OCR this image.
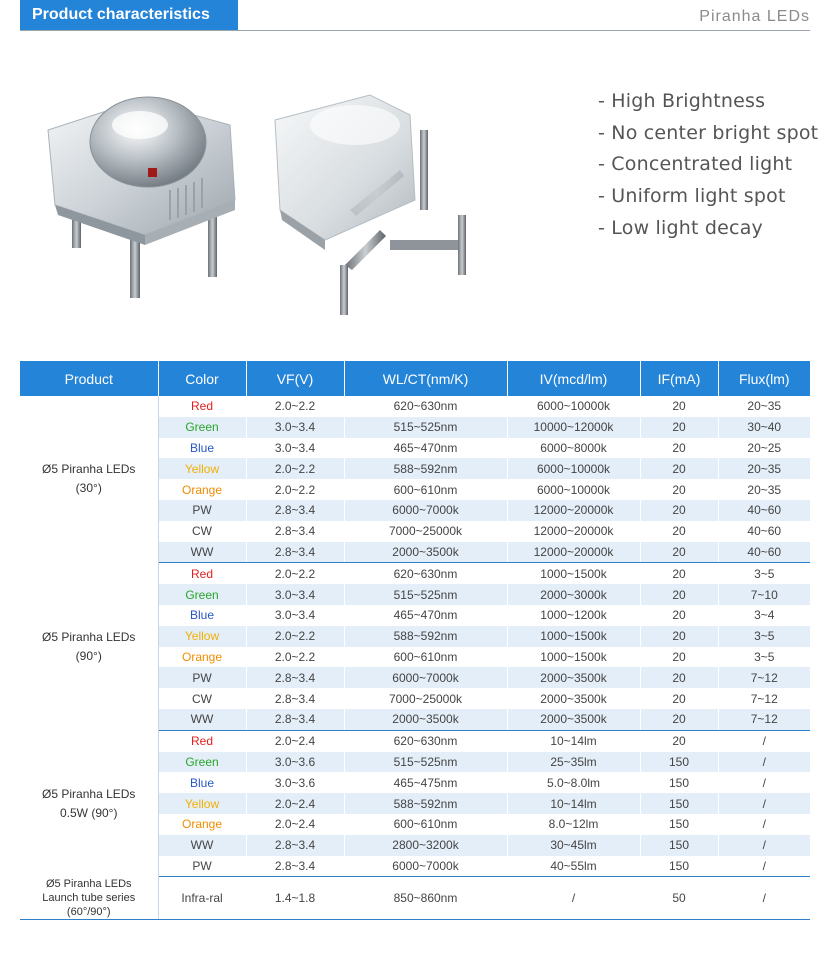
Product characteristics	Piranha LEDs
- High Brightness
- No center bright spot
- Concentrated light
- Uniform light spot
- Low light decay
Product	Color	VF(V)	WL/CT(nm/K)	IV(mcd/lm)	IF(mA)	Flux(lm)

Ø5 Piranha LEDs
(30°)	Red	2.0~2.2	620~630nm	6000~10000k	20	20~35
	Green	3.0~3.4	515~525nm	10000~12000k	20	30~40
	Blue	3.0~3.4	465~470nm	6000~8000k	20	20~25
	Yellow	2.0~2.2	588~592nm	6000~10000k	20	20~35
	Orange	2.0~2.2	600~610nm	6000~10000k	20	20~35
	PW	2.8~3.4	6000~7000k	12000~20000k	20	40~60
	CW	2.8~3.4	7000~25000k	12000~20000k	20	40~60
	WW	2.8~3.4	2000~3500k	12000~20000k	20	40~60

Ø5 Piranha LEDs
(90°)	Red	2.0~2.2	620~630nm	1000~1500k	20	3~5
	Green	3.0~3.4	515~525nm	2000~3000k	20	7~10
	Blue	3.0~3.4	465~470nm	1000~1200k	20	3~4
	Yellow	2.0~2.2	588~592nm	1000~1500k	20	3~5
	Orange	2.0~2.2	600~610nm	1000~1500k	20	3~5
	PW	2.8~3.4	6000~7000k	2000~3500k	20	7~12
	CW	2.8~3.4	7000~25000k	2000~3500k	20	7~12
	WW	2.8~3.4	2000~3500k	2000~3500k	20	7~12

Ø5 Piranha LEDs
0.5W (90°)	Red	2.0~2.4	620~630nm	10~14lm	20	/
	Green	3.0~3.6	515~525nm	25~35lm	150	/
	Blue	3.0~3.6	465~475nm	5.0~8.0lm	150	/
	Yellow	2.0~2.4	588~592nm	10~14lm	150	/
	Orange	2.0~2.4	600~610nm	8.0~12lm	150	/
	WW	2.8~3.4	2800~3200k	30~45lm	150	/
	PW	2.8~3.4	6000~7000k	40~55lm	150	/

Ø5 Piranha LEDs
Launch tube series (60°/90°)	Infra-ral	1.4~1.8	850~860nm	/	50	/
